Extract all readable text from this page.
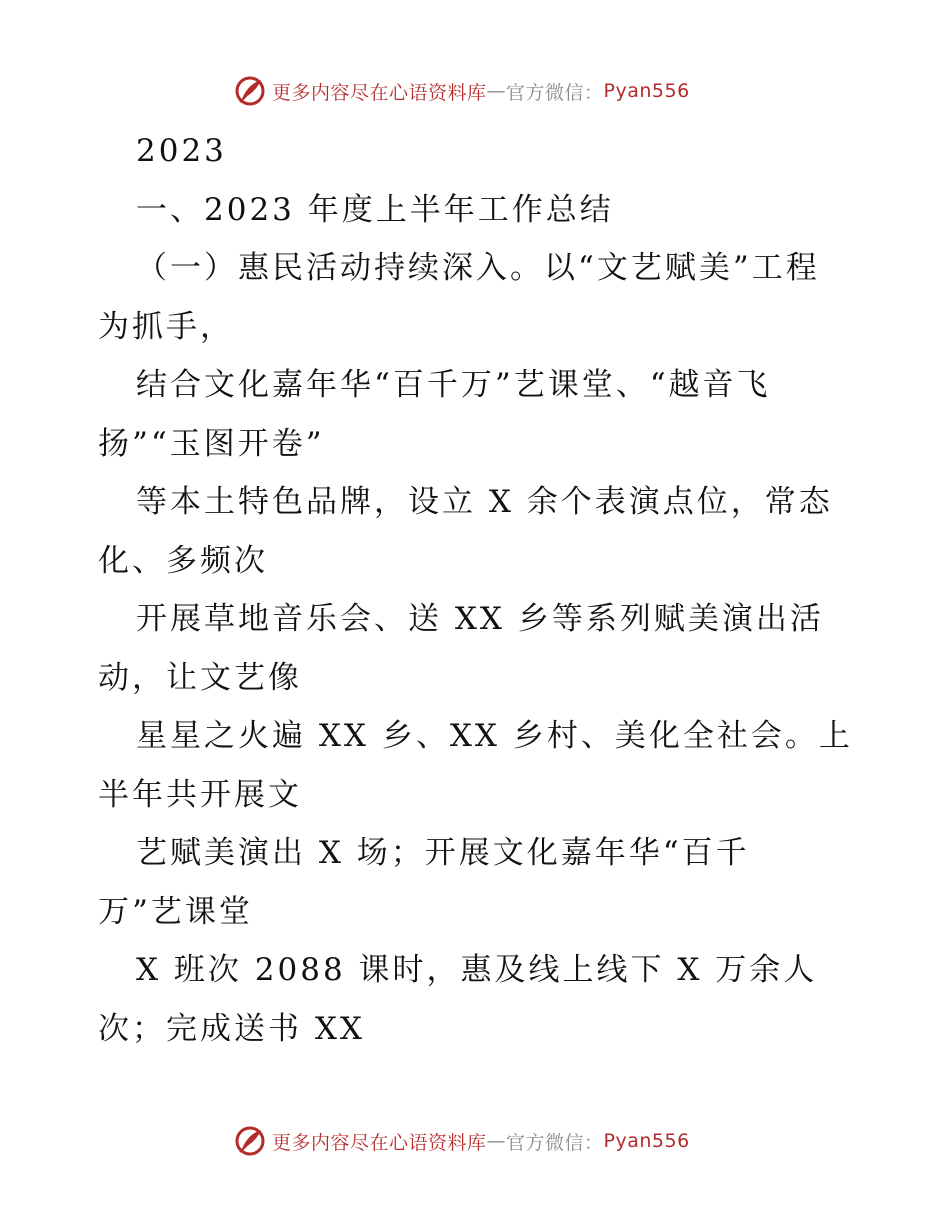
更多内容尽在心语资料库 — 官方微信： Pyan556
2023
一、2023 年度上半年工作总结
（一）惠民活动持续深入。以“文艺赋美”工程
为抓手，
结合文化嘉年华“百千万”艺课堂、“越音飞
扬”“玉图开卷”
等本土特色品牌，设立 X 余个表演点位，常态
化、多频次
开展草地音乐会、送 XX 乡等系列赋美演出活
动，让文艺像
星星之火遍 XX 乡、XX 乡村、美化全社会。上
半年共开展文
艺赋美演出 X 场；开展文化嘉年华“百千
万”艺课堂
X 班次 2088 课时，惠及线上线下 X 万余人
次；完成送书 XX
更多内容尽在心语资料库 — 官方微信： Pyan556
